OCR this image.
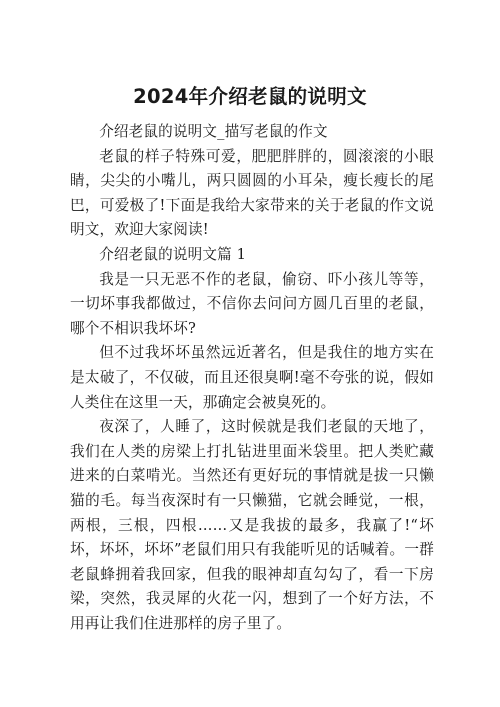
2024年介绍老鼠的说明文

介绍老鼠的说明文_描写老鼠的作文

老鼠的样子特殊可爱，肥肥胖胖的，圆滚滚的小眼睛，尖尖的小嘴儿，两只圆圆的小耳朵，瘦长瘦长的尾巴，可爱极了!下面是我给大家带来的关于老鼠的作文说明文，欢迎大家阅读!

介绍老鼠的说明文篇 1

我是一只无恶不作的老鼠，偷窃、吓小孩儿等等，一切坏事我都做过，不信你去问问方圆几百里的老鼠，哪个不相识我坏坏?

但不过我坏坏虽然远近著名，但是我住的地方实在是太破了，不仅破，而且还很臭啊!毫不夸张的说，假如人类住在这里一天，那确定会被臭死的。

夜深了，人睡了，这时候就是我们老鼠的天地了，我们在人类的房梁上打扎钻进里面米袋里。把人类贮藏进来的白菜啃光。当然还有更好玩的事情就是拔一只懒猫的毛。每当夜深时有一只懒猫，它就会睡觉，一根，两根，三根，四根……又是我拔的最多，我赢了!“坏坏，坏坏，坏坏”老鼠们用只有我能听见的话喊着。一群老鼠蜂拥着我回家，但我的眼神却直勾勾了，看一下房梁，突然，我灵犀的火花一闪，想到了一个好方法，不用再让我们住进那样的房子里了。
